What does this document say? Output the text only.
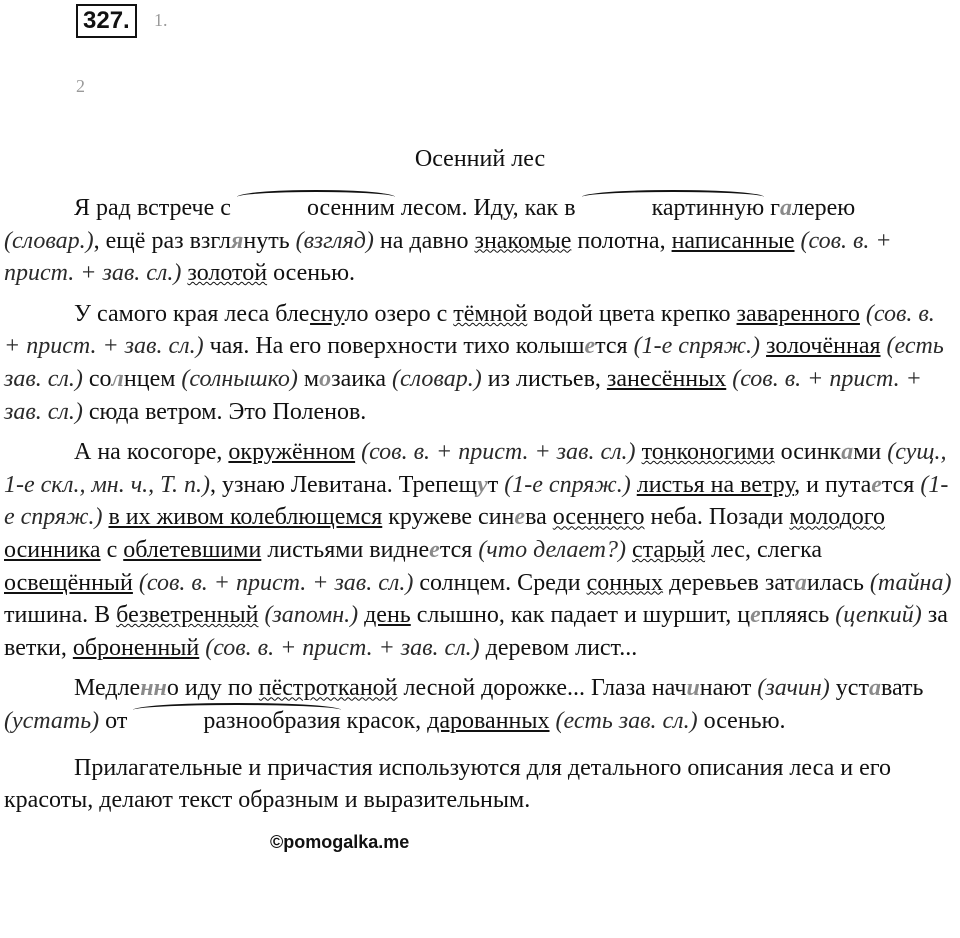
327.	1.
2
Осенний лес

Я рад встрече с	осенним лесом. Иду, как в	картинную галерею (словар.), ещё раз взглянуть (взгляд) на давно знакомые полотна, написанные (сов. в. + прист. + зав. сл.) золотой осенью.

У самого края леса блеснуло озеро с тёмной водой цвета крепко заваренного (сов. в. + прист. + зав. сл.) чая. На его поверхности тихо колышется (1-е спряж.) золочённая (есть зав. сл.) солнцем (солнышко) мозаика (словар.) из листьев, занесённых (сов. в. + прист. + зав. сл.) сюда ветром. Это Поленов.

А на косогоре, окружённом (сов. в. + прист. + зав. сл.) тонконогими осинками (сущ., 1-е скл., мн. ч., Т. п.), узнаю Левитана. Трепещут (1-е спряж.) листья на ветру, и путается (1-е спряж.) в их живом колеблющемся кружеве синева осеннего неба. Позади молодого осинника с облетевшими листьями виднеется (что делает?) старый лес, слегка освещённый (сов. в. + прист. + зав. сл.) солнцем. Среди сонных деревьев затаилась (тайна) тишина. В безветренный (запомн.) день слышно, как падает и шуршит, цепляясь (цепкий) за ветки, оброненный (сов. в. + прист. + зав. сл.) деревом лист...

Медленно иду по пёстротканой лесной дорожке... Глаза начинают (зачин) уставать (устать) от	разнообразия красок, дарованных (есть зав. сл.) осенью.

Прилагательные и причастия используются для детального описания леса и его красоты, делают текст образным и выразительным.

©pomogalka.me
